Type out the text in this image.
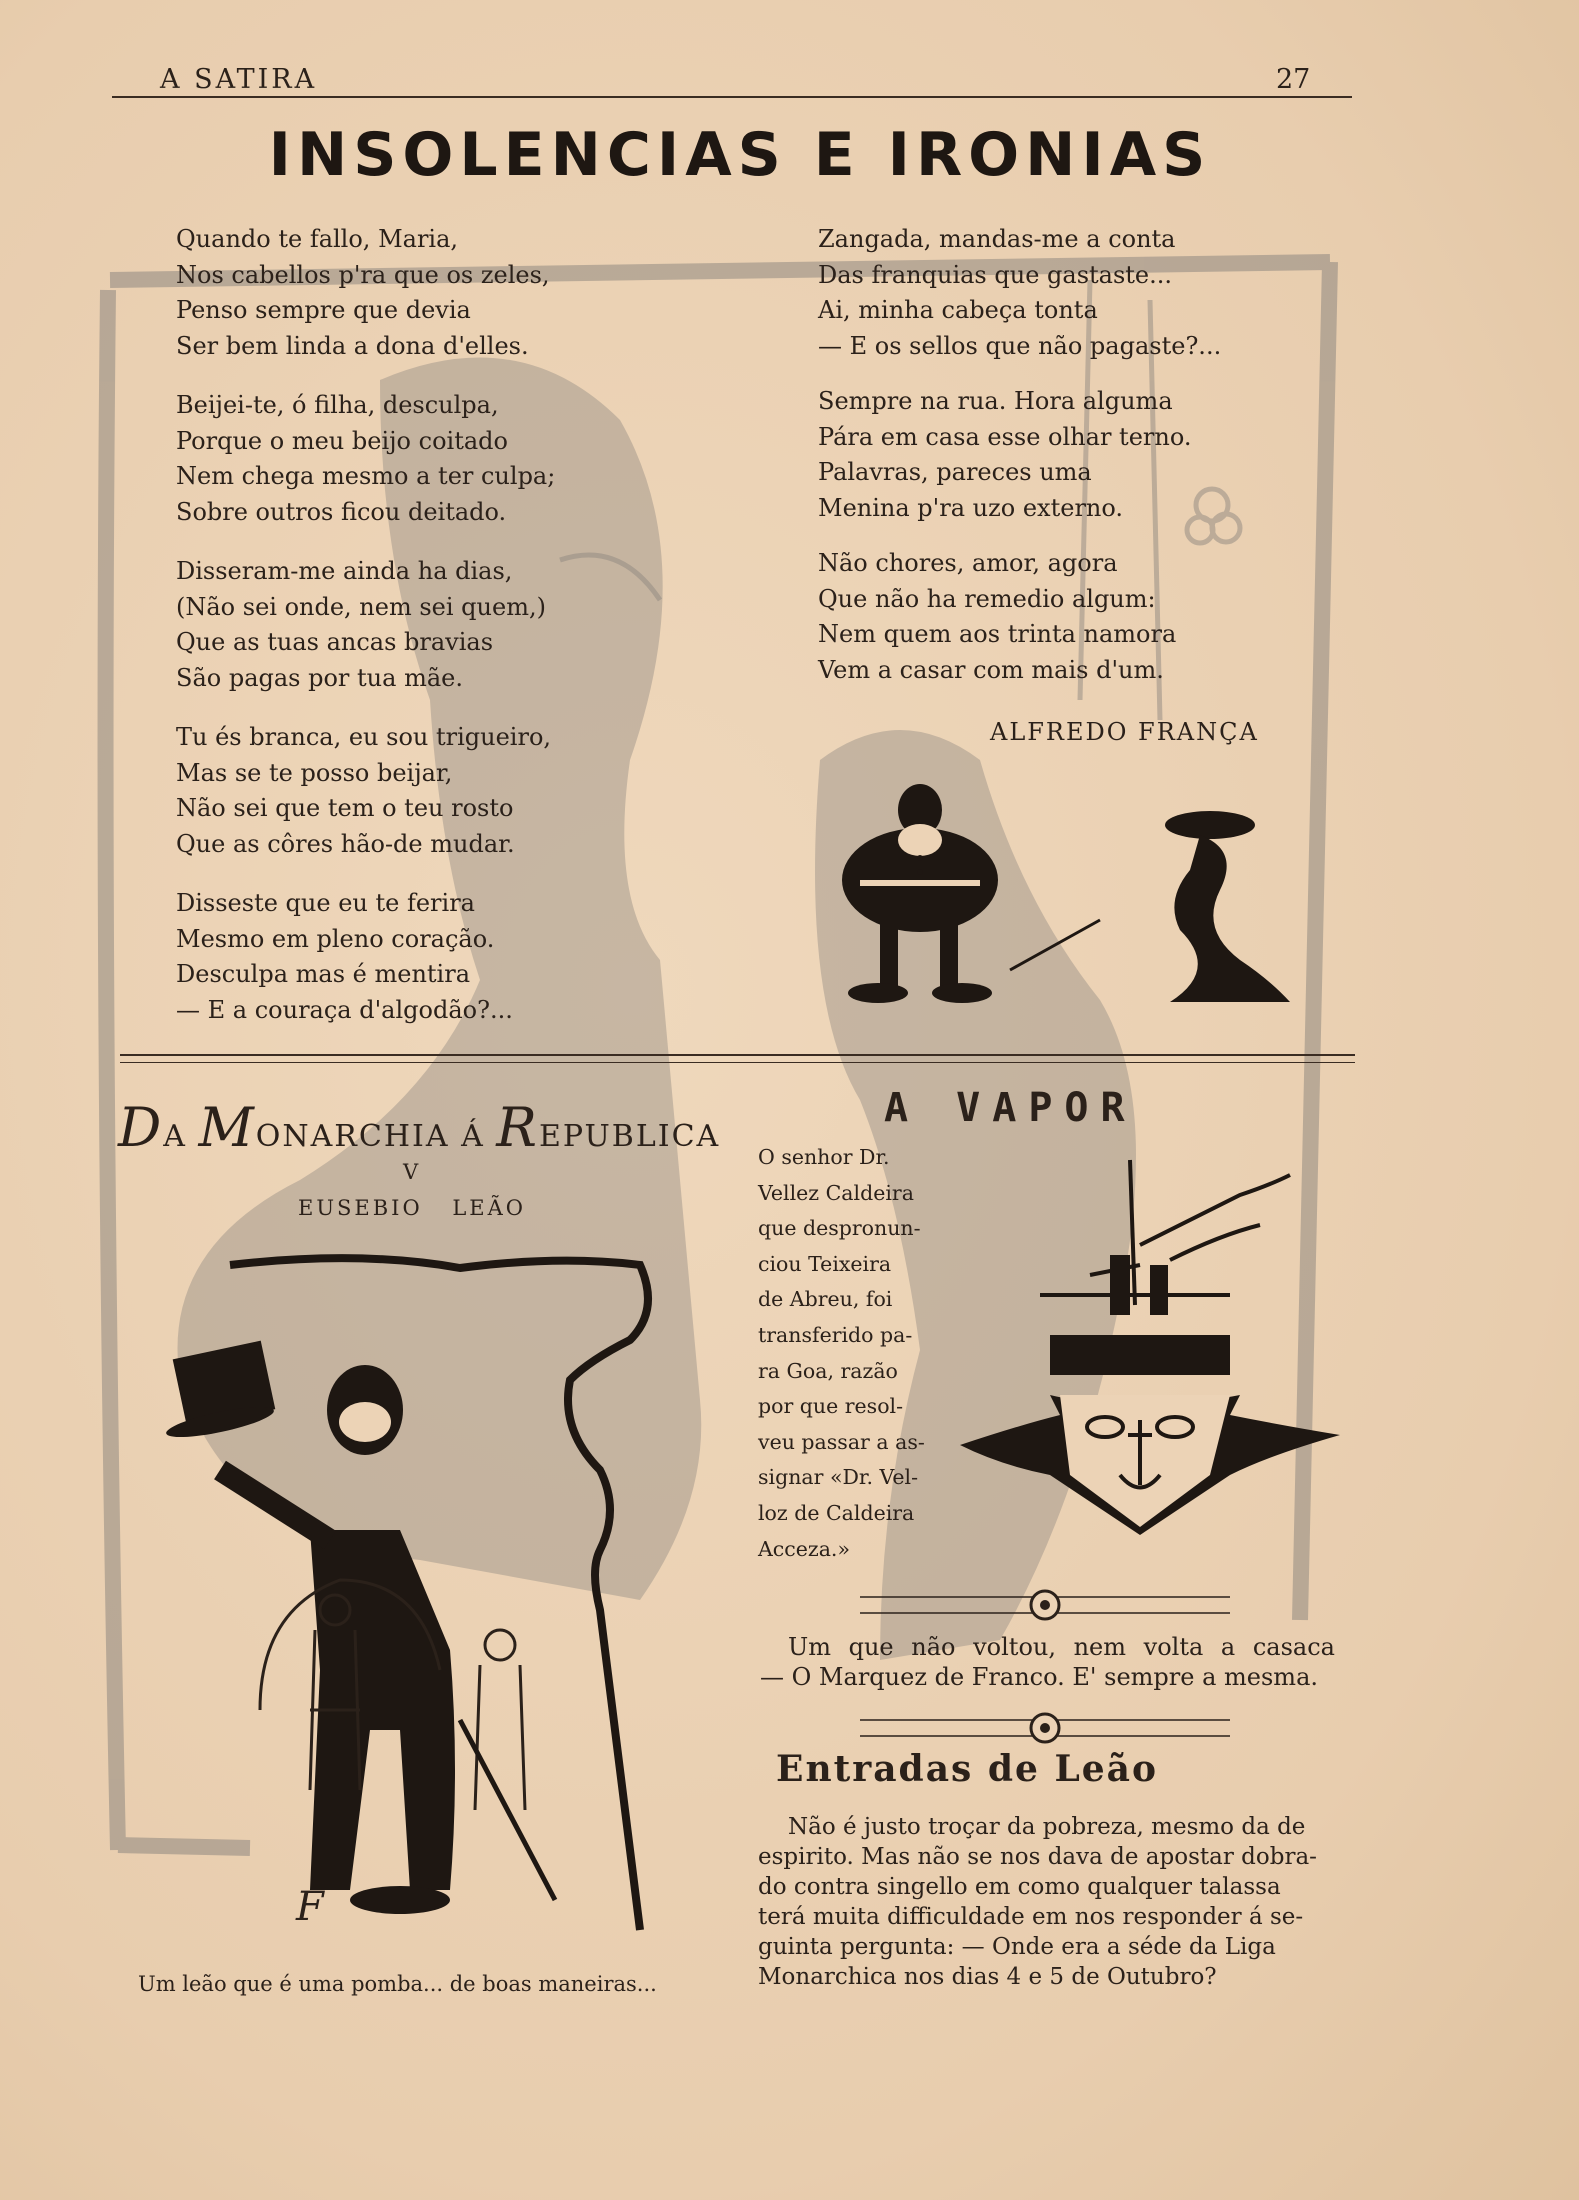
A SATIRA	27
INSOLENCIAS E IRONIAS
Quando te fallo, Maria,
Nos cabellos p'ra que os zeles,
Penso sempre que devia
Ser bem linda a dona d'elles.
Beijei-te, ó filha, desculpa,
Porque o meu beijo coitado
Nem chega mesmo a ter culpa;
Sobre outros ficou deitado.
Disseram-me ainda ha dias,
(Não sei onde, nem sei quem,)
Que as tuas ancas bravias
São pagas por tua mãe.
Tu és branca, eu sou trigueiro,
Mas se te posso beijar,
Não sei que tem o teu rosto
Que as côres hão-de mudar.
Disseste que eu te ferira
Mesmo em pleno coração.
Desculpa mas é mentira
— E a couraça d'algodão?...
Zangada, mandas-me a conta
Das franquias que gastaste...
Ai, minha cabeça tonta
— E os sellos que não pagaste?...
Sempre na rua. Hora alguma
Pára em casa esse olhar terno.
Palavras, pareces uma
Menina p'ra uzo externo.
Não chores, amor, agora
Que não ha remedio algum:
Nem quem aos trinta namora
Vem a casar com mais d'um.
ALFREDO FRANÇA
DA MONARCHIA Á REPUBLICA
V
EUSEBIO LEÃO
F
Um leão que é uma pomba... de boas maneiras...
A VAPOR
O senhor Dr.
Vellez Caldeira
que despronun-
ciou Teixeira
de Abreu, foi
transferido pa-
ra Goa, razão
por que resol-
veu passar a as-
signar «Dr. Vel-
loz de Caldeira
Acceza.»
Um que não voltou, nem volta a casaca
— O Marquez de Franco. E' sempre a mesma.
Entradas de Leão
Não é justo troçar da pobreza, mesmo da de
espirito. Mas não se nos dava de apostar dobra-
do contra singello em como qualquer talassa
terá muita difficuldade em nos responder á se-
guinta pergunta: — Onde era a séde da Liga
Monarchica nos dias 4 e 5 de Outubro?
